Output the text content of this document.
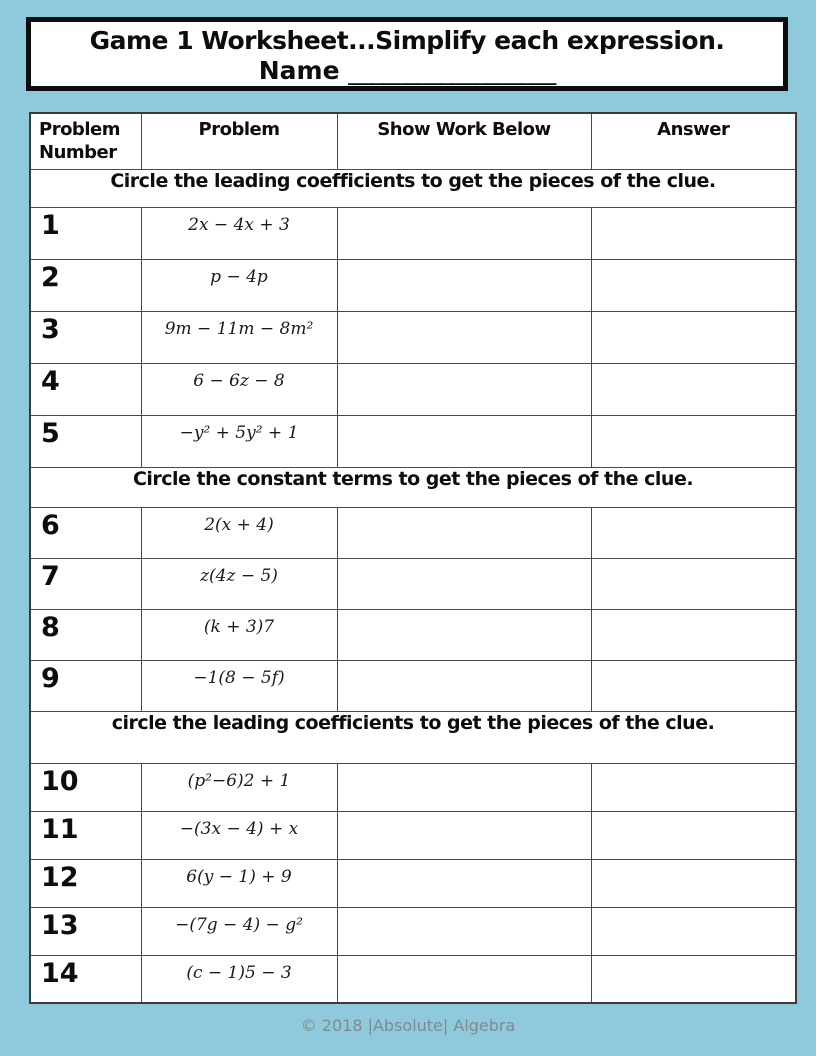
Game 1 Worksheet...Simplify each expression.
Name __________________
Problem Number	Problem	Show Work Below	Answer
Circle the leading coefficients to get the pieces of the clue.			
1	2x − 4x + 3		
2	p − 4p		
3	9m − 11m − 8m²		
4	6 − 6z − 8		
5	−y² + 5y² + 1		
Circle the constant terms to get the pieces of the clue.			
6	2(x + 4)		
7	z(4z − 5)		
8	(k + 3)7		
9	−1(8 − 5f)		
circle the leading coefficients to get the pieces of the clue.			
10	(p²−6)2 + 1		
11	−(3x − 4) + x		
12	6(y − 1) + 9		
13	−(7g − 4) − g²		
14	(c − 1)5 − 3		
© 2018 |Absolute| Algebra
